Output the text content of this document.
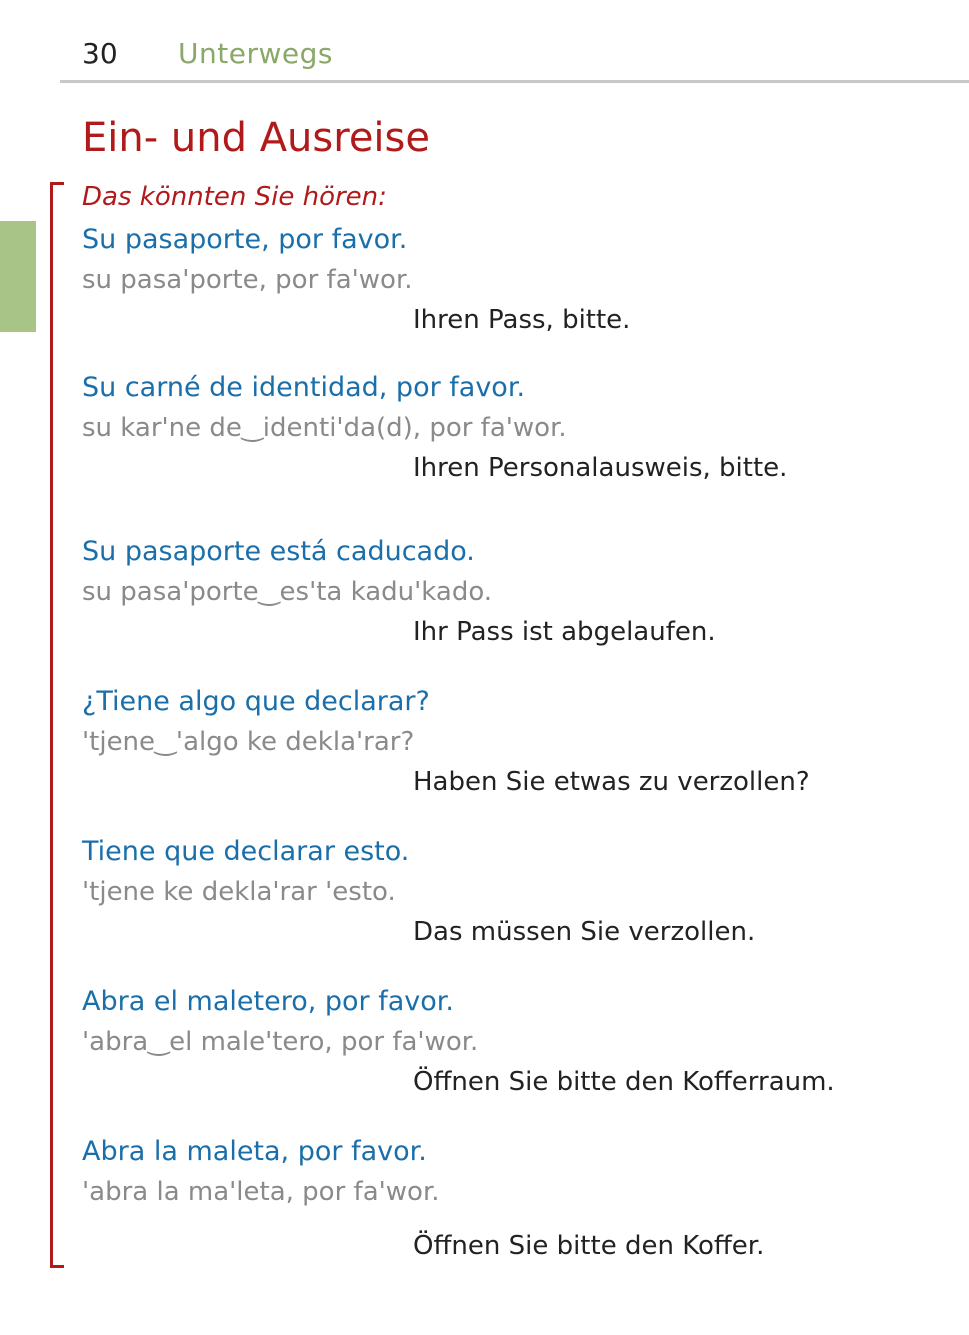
30 Unterwegs
Ein- und Ausreise
Das könnten Sie hören:
Su pasaporte, por favor.
su pasa'porte, por fa'wor.
Ihren Pass, bitte.
Su carné de identidad, por favor.
su kar'ne de‿identi'da(d), por fa'wor.
Ihren Personalausweis, bitte.
Su pasaporte está caducado.
su pasa'porte‿es'ta kadu'kado.
Ihr Pass ist abgelaufen.
¿Tiene algo que declarar?
'tjene‿'algo ke dekla'rar?
Haben Sie etwas zu verzollen?
Tiene que declarar esto.
'tjene ke dekla'rar 'esto.
Das müssen Sie verzollen.
Abra el maletero, por favor.
'abra‿el male'tero, por fa'wor.
Öffnen Sie bitte den Kofferraum.
Abra la maleta, por favor.
'abra la ma'leta, por fa'wor.
Öffnen Sie bitte den Koffer.
